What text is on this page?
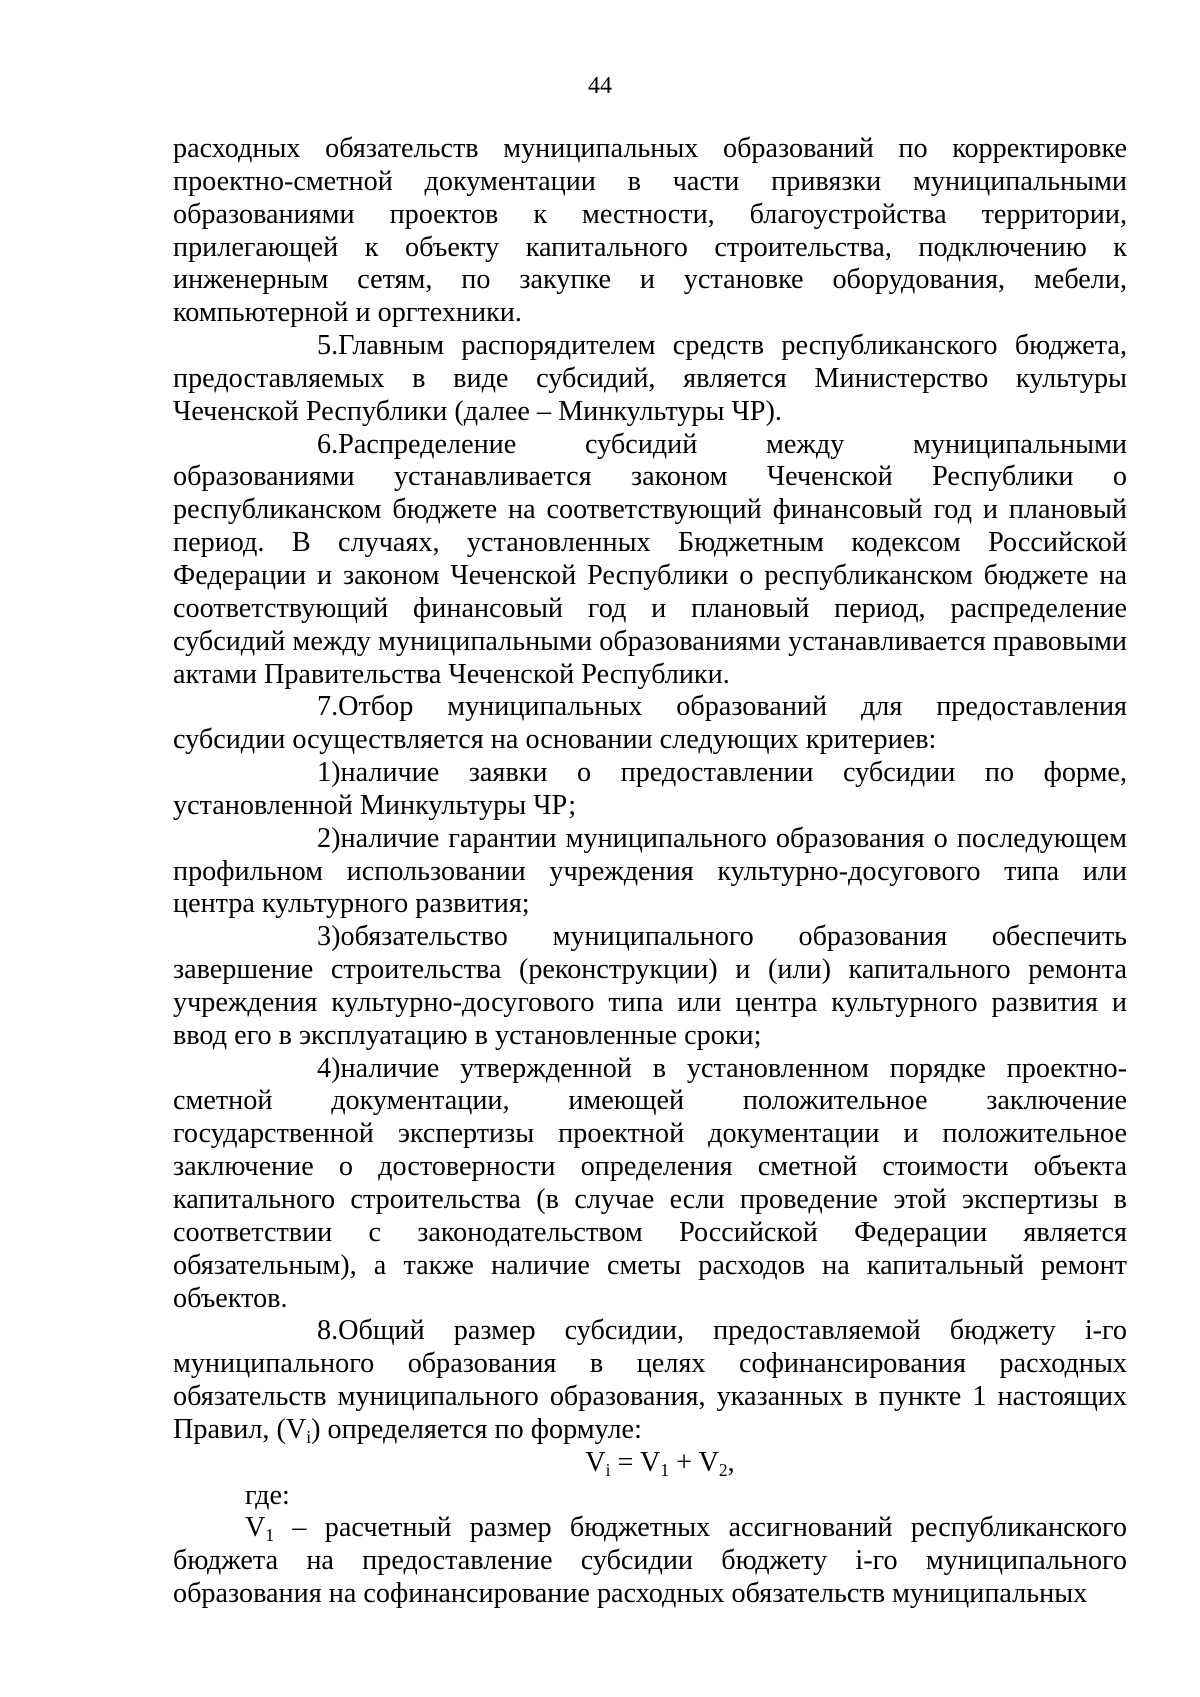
44

расходных обязательств муниципальных образований по корректировке проектно-сметной документации в части привязки муниципальными образованиями проектов к местности, благоустройства территории, прилегающей к объекту капитального строительства, подключению к инженерным сетям, по закупке и установке оборудования, мебели, компьютерной и оргтехники.

5.Главным распорядителем средств республиканского бюджета, предоставляемых в виде субсидий, является Министерство культуры Чеченской Республики (далее – Минкультуры ЧР).

6.Распределение субсидий между муниципальными образованиями устанавливается законом Чеченской Республики о республиканском бюджете на соответствующий финансовый год и плановый период. В случаях, установленных Бюджетным кодексом Российской Федерации и законом Чеченской Республики о республиканском бюджете на соответствующий финансовый год и плановый период, распределение субсидий между муниципальными образованиями устанавливается правовыми актами Правительства Чеченской Республики.

7.Отбор муниципальных образований для предоставления субсидии осуществляется на основании следующих критериев:

1)наличие заявки о предоставлении субсидии по форме, установленной Минкультуры ЧР;

2)наличие гарантии муниципального образования о последующем профильном использовании учреждения культурно-досугового типа или центра культурного развития;

3)обязательство муниципального образования обеспечить завершение строительства (реконструкции) и (или) капитального ремонта учреждения культурно-досугового типа или центра культурного развития и ввод его в эксплуатацию в установленные сроки;

4)наличие утвержденной в установленном порядке проектно-сметной документации, имеющей положительное заключение государственной экспертизы проектной документации и положительное заключение о достоверности определения сметной стоимости объекта капитального строительства (в случае если проведение этой экспертизы в соответствии с законодательством Российской Федерации является обязательным), а также наличие сметы расходов на капитальный ремонт объектов.

8.Общий размер субсидии, предоставляемой бюджету i-го муниципального образования в целях софинансирования расходных обязательств муниципального образования, указанных в пункте 1 настоящих Правил, $(V_i)$ определяется по формуле:

$V_i = V_1 + V_2$,

где:

$V_1$ – расчетный размер бюджетных ассигнований республиканского бюджета на предоставление субсидии бюджету i-го муниципального образования на софинансирование расходных обязательств муниципальных
